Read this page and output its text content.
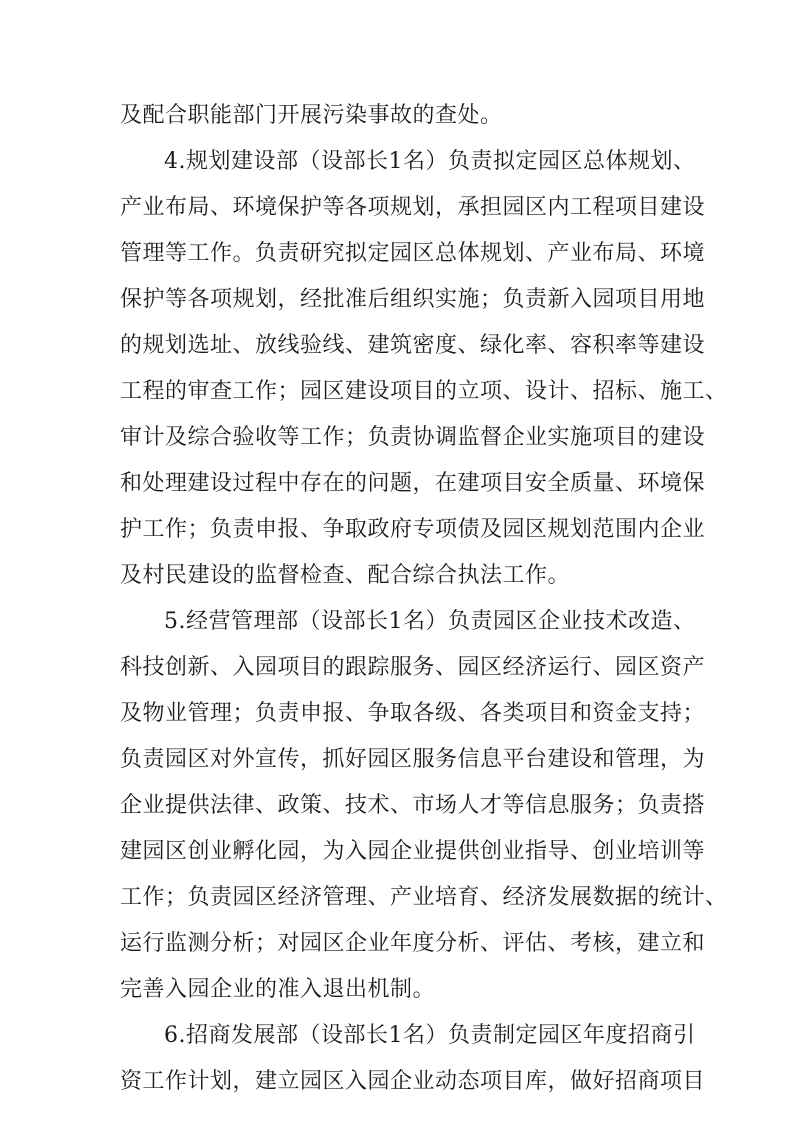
及配合职能部门开展污染事故的查处。
4.规划建设部（设部长1名）负责拟定园区总体规划、
产业布局、环境保护等各项规划，承担园区内工程项目建设
管理等工作。负责研究拟定园区总体规划、产业布局、环境
保护等各项规划，经批准后组织实施；负责新入园项目用地
的规划选址、放线验线、建筑密度、绿化率、容积率等建设
工程的审查工作；园区建设项目的立项、设计、招标、施工、
审计及综合验收等工作；负责协调监督企业实施项目的建设
和处理建设过程中存在的问题，在建项目安全质量、环境保
护工作；负责申报、争取政府专项债及园区规划范围内企业
及村民建设的监督检查、配合综合执法工作。
5.经营管理部（设部长1名）负责园区企业技术改造、
科技创新、入园项目的跟踪服务、园区经济运行、园区资产
及物业管理；负责申报、争取各级、各类项目和资金支持；
负责园区对外宣传，抓好园区服务信息平台建设和管理，为
企业提供法律、政策、技术、市场人才等信息服务；负责搭
建园区创业孵化园，为入园企业提供创业指导、创业培训等
工作；负责园区经济管理、产业培育、经济发展数据的统计、
运行监测分析；对园区企业年度分析、评估、考核，建立和
完善入园企业的准入退出机制。
6.招商发展部（设部长1名）负责制定园区年度招商引
资工作计划，建立园区入园企业动态项目库，做好招商项目
